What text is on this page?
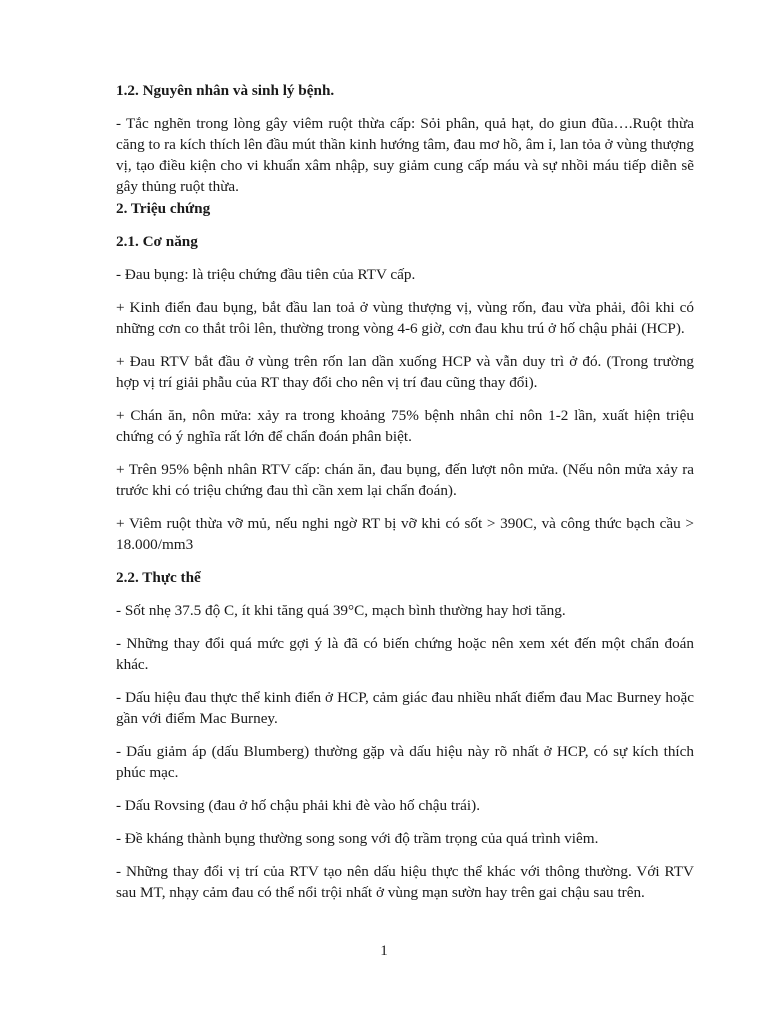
1.2. Nguyên nhân và sinh lý bệnh.
- Tắc nghẽn trong lòng gây viêm ruột thừa cấp: Sỏi phân, quả hạt, do giun đũa….Ruột thừa căng to ra kích thích lên đầu mút thần kinh hướng tâm, đau mơ hồ, âm ỉ, lan tỏa ở vùng thượng vị, tạo điều kiện cho vi khuẩn xâm nhập, suy giảm cung cấp máu và sự nhồi máu tiếp diễn sẽ gây thủng ruột thừa.
2. Triệu chứng
2.1. Cơ năng
- Đau bụng: là triệu chứng đầu tiên của RTV cấp.
+ Kinh điển đau bụng, bắt đầu lan toả ở vùng thượng vị, vùng rốn, đau vừa phải, đôi khi có những cơn co thắt trôi lên, thường trong vòng 4-6 giờ, cơn đau khu trú ở hố chậu phải (HCP).
+ Đau RTV bắt đầu ở vùng trên rốn lan dần xuống HCP và vẫn duy trì ở đó. (Trong trường hợp vị trí giải phẫu của RT thay đổi cho nên vị trí đau cũng thay đổi).
+ Chán ăn, nôn mửa: xảy ra trong khoảng 75% bệnh nhân chỉ nôn 1-2 lần, xuất hiện triệu chứng có ý nghĩa rất lớn để chẩn đoán phân biệt.
+ Trên 95% bệnh nhân RTV cấp: chán ăn, đau bụng, đến lượt nôn mửa. (Nếu nôn mửa xảy ra trước khi có triệu chứng đau thì cần xem lại chẩn đoán).
+ Viêm ruột thừa vỡ mủ, nếu nghi ngờ RT bị vỡ khi có sốt > 390C, và công thức bạch cầu > 18.000/mm3
2.2. Thực thể
- Sốt nhẹ 37.5 độ C, ít khi tăng quá 39°C, mạch bình thường hay hơi tăng.
- Những thay đổi quá mức gợi ý là đã có biến chứng hoặc nên xem xét đến một chẩn đoán khác.
- Dấu hiệu đau thực thể kinh điển ở HCP, cảm giác đau nhiều nhất điểm đau Mac Burney hoặc gần với điểm Mac Burney.
- Dấu giảm áp (dấu Blumberg) thường gặp và dấu hiệu này rõ nhất ở HCP, có sự kích thích phúc mạc.
- Dấu Rovsing (đau ở hố chậu phải khi đè vào hố chậu trái).
- Đề kháng thành bụng thường song song với độ trầm trọng của quá trình viêm.
- Những thay đổi vị trí của RTV tạo nên dấu hiệu thực thể khác với thông thường. Với RTV sau MT, nhạy cảm đau có thể nổi trội nhất ở vùng mạn sườn hay trên gai chậu sau trên.
1
